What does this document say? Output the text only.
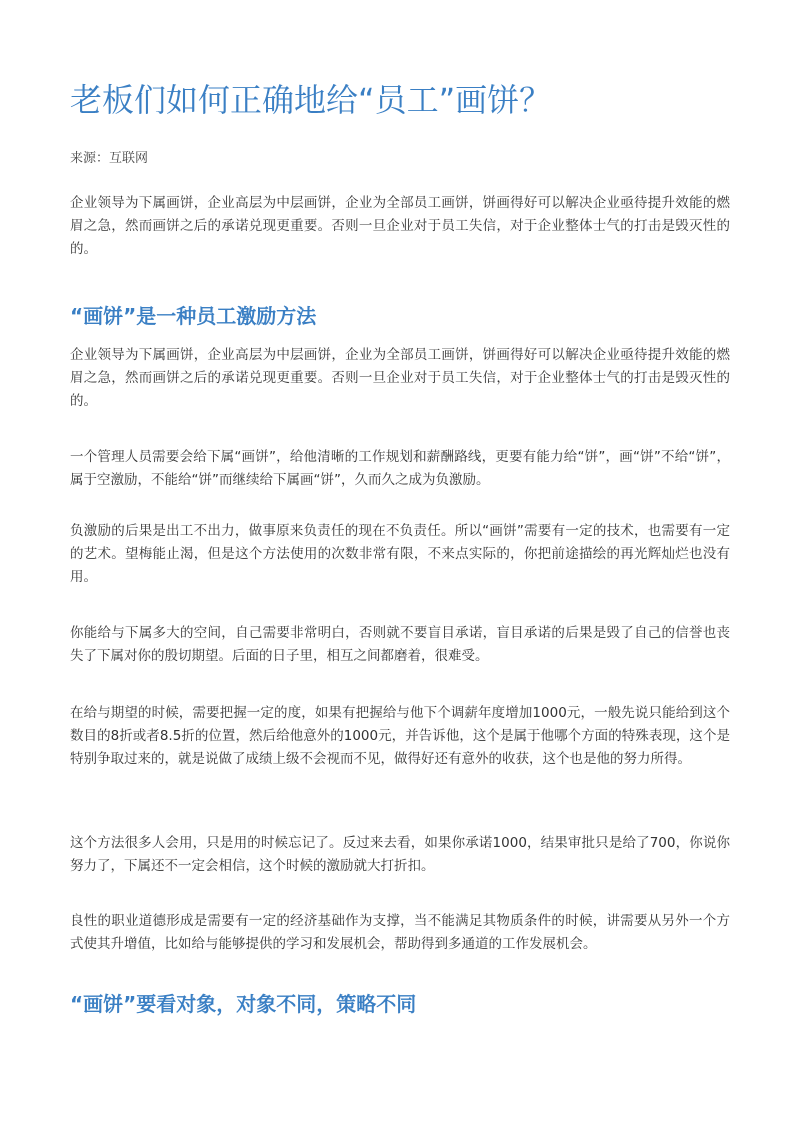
老板们如何正确地给“员工”画饼？

来源：互联网

企业领导为下属画饼，企业高层为中层画饼，企业为全部员工画饼，饼画得好可以解决企业亟待提升效能的燃眉之急，然而画饼之后的承诺兑现更重要。否则一旦企业对于员工失信，对于企业整体士气的打击是毁灭性的的。

“画饼”是一种员工激励方法

企业领导为下属画饼，企业高层为中层画饼，企业为全部员工画饼，饼画得好可以解决企业亟待提升效能的燃眉之急，然而画饼之后的承诺兑现更重要。否则一旦企业对于员工失信，对于企业整体士气的打击是毁灭性的的。

一个管理人员需要会给下属“画饼”，给他清晰的工作规划和薪酬路线，更要有能力给“饼”，画“饼”不给“饼”，属于空激励，不能给“饼”而继续给下属画“饼”，久而久之成为负激励。

负激励的后果是出工不出力，做事原来负责任的现在不负责任。所以“画饼”需要有一定的技术，也需要有一定的艺术。望梅能止渴，但是这个方法使用的次数非常有限，不来点实际的，你把前途描绘的再光辉灿烂也没有用。

你能给与下属多大的空间，自己需要非常明白，否则就不要盲目承诺，盲目承诺的后果是毁了自己的信誉也丧失了下属对你的殷切期望。后面的日子里，相互之间都磨着，很难受。

在给与期望的时候，需要把握一定的度，如果有把握给与他下个调薪年度增加1000元，一般先说只能给到这个数目的8折或者8.5折的位置，然后给他意外的1000元，并告诉他，这个是属于他哪个方面的特殊表现，这个是特别争取过来的，就是说做了成绩上级不会视而不见，做得好还有意外的收获，这个也是他的努力所得。

这个方法很多人会用，只是用的时候忘记了。反过来去看，如果你承诺1000，结果审批只是给了700，你说你努力了，下属还不一定会相信，这个时候的激励就大打折扣。

良性的职业道德形成是需要有一定的经济基础作为支撑，当不能满足其物质条件的时候，讲需要从另外一个方式使其升增值，比如给与能够提供的学习和发展机会，帮助得到多通道的工作发展机会。

“画饼”要看对象，对象不同，策略不同
